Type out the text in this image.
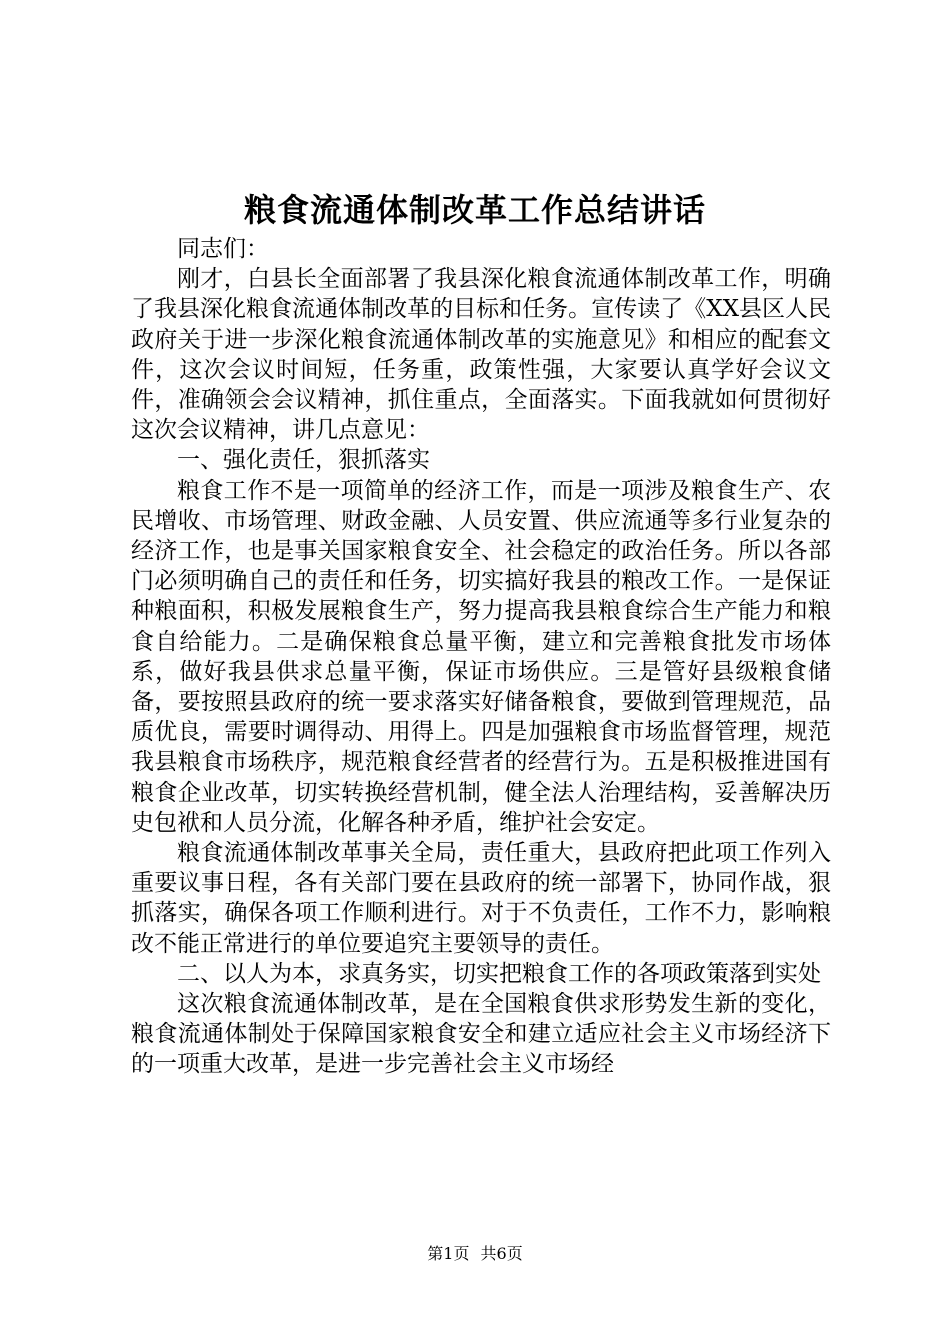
粮食流通体制改革工作总结讲话

同志们：

刚才，白县长全面部署了我县深化粮食流通体制改革工作，明确了我县深化粮食流通体制改革的目标和任务。宣传读了《XX县区人民政府关于进一步深化粮食流通体制改革的实施意见》和相应的配套文件，这次会议时间短，任务重，政策性强，大家要认真学好会议文件，准确领会会议精神，抓住重点，全面落实。下面我就如何贯彻好这次会议精神，讲几点意见：

一、强化责任，狠抓落实

粮食工作不是一项简单的经济工作，而是一项涉及粮食生产、农民增收、市场管理、财政金融、人员安置、供应流通等多行业复杂的经济工作，也是事关国家粮食安全、社会稳定的政治任务。所以各部门必须明确自己的责任和任务，切实搞好我县的粮改工作。一是保证种粮面积，积极发展粮食生产，努力提高我县粮食综合生产能力和粮食自给能力。二是确保粮食总量平衡，建立和完善粮食批发市场体系，做好我县供求总量平衡，保证市场供应。三是管好县级粮食储备，要按照县政府的统一要求落实好储备粮食，要做到管理规范，品质优良，需要时调得动、用得上。四是加强粮食市场监督管理，规范我县粮食市场秩序，规范粮食经营者的经营行为。五是积极推进国有粮食企业改革，切实转换经营机制，健全法人治理结构，妥善解决历史包袱和人员分流，化解各种矛盾，维护社会安定。

粮食流通体制改革事关全局，责任重大，县政府把此项工作列入重要议事日程，各有关部门要在县政府的统一部署下，协同作战，狠抓落实，确保各项工作顺利进行。对于不负责任，工作不力，影响粮改不能正常进行的单位要追究主要领导的责任。

二、以人为本，求真务实，切实把粮食工作的各项政策落到实处

这次粮食流通体制改革，是在全国粮食供求形势发生新的变化，粮食流通体制处于保障国家粮食安全和建立适应社会主义市场经济下的一项重大改革，是进一步完善社会主义市场经

第1页 共6页
